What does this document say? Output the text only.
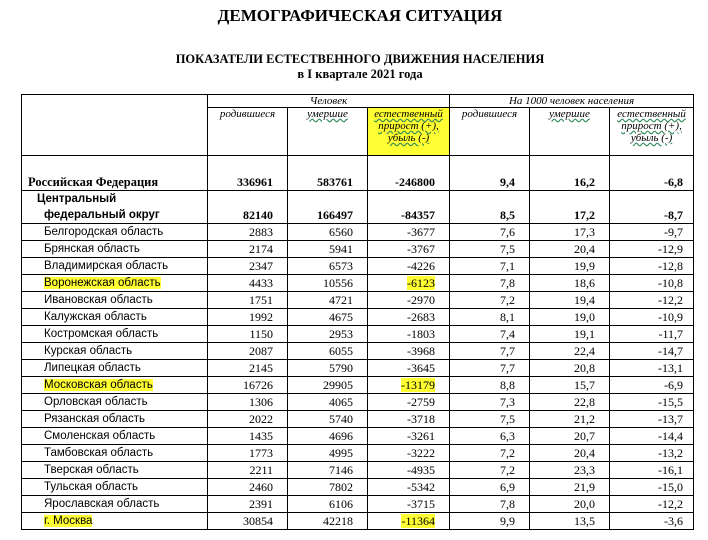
ДЕМОГРАФИЧЕСКАЯ СИТУАЦИЯ
ПОКАЗАТЕЛИ ЕСТЕСТВЕННОГО ДВИЖЕНИЯ НАСЕЛЕНИЯ
в I квартале 2021 года
	Человек			На 1000 человек населения		
	родившиеся	умершие	естественный прирост (+), убыль (-)	родившиеся	умершие	естественный прирост (+), убыль (-)
Российская Федерация	336961	583761	-246800	9,4	16,2	-6,8

Центральный
федеральный округ	82140	166497	-84357	8,5	17,2	-8,7
Белгородская область	2883	6560	-3677	7,6	17,3	-9,7
Брянская область	2174	5941	-3767	7,5	20,4	-12,9
Владимирская область	2347	6573	-4226	7,1	19,9	-12,8
Воронежская область	4433	10556	-6123	7,8	18,6	-10,8
Ивановская область	1751	4721	-2970	7,2	19,4	-12,2
Калужская область	1992	4675	-2683	8,1	19,0	-10,9
Костромская область	1150	2953	-1803	7,4	19,1	-11,7
Курская область	2087	6055	-3968	7,7	22,4	-14,7
Липецкая область	2145	5790	-3645	7,7	20,8	-13,1
Московская область	16726	29905	-13179	8,8	15,7	-6,9
Орловская область	1306	4065	-2759	7,3	22,8	-15,5
Рязанская область	2022	5740	-3718	7,5	21,2	-13,7
Смоленская область	1435	4696	-3261	6,3	20,7	-14,4
Тамбовская область	1773	4995	-3222	7,2	20,4	-13,2
Тверская область	2211	7146	-4935	7,2	23,3	-16,1
Тульская область	2460	7802	-5342	6,9	21,9	-15,0
Ярославская область	2391	6106	-3715	7,8	20,0	-12,2
г. Москва	30854	42218	-11364	9,9	13,5	-3,6
